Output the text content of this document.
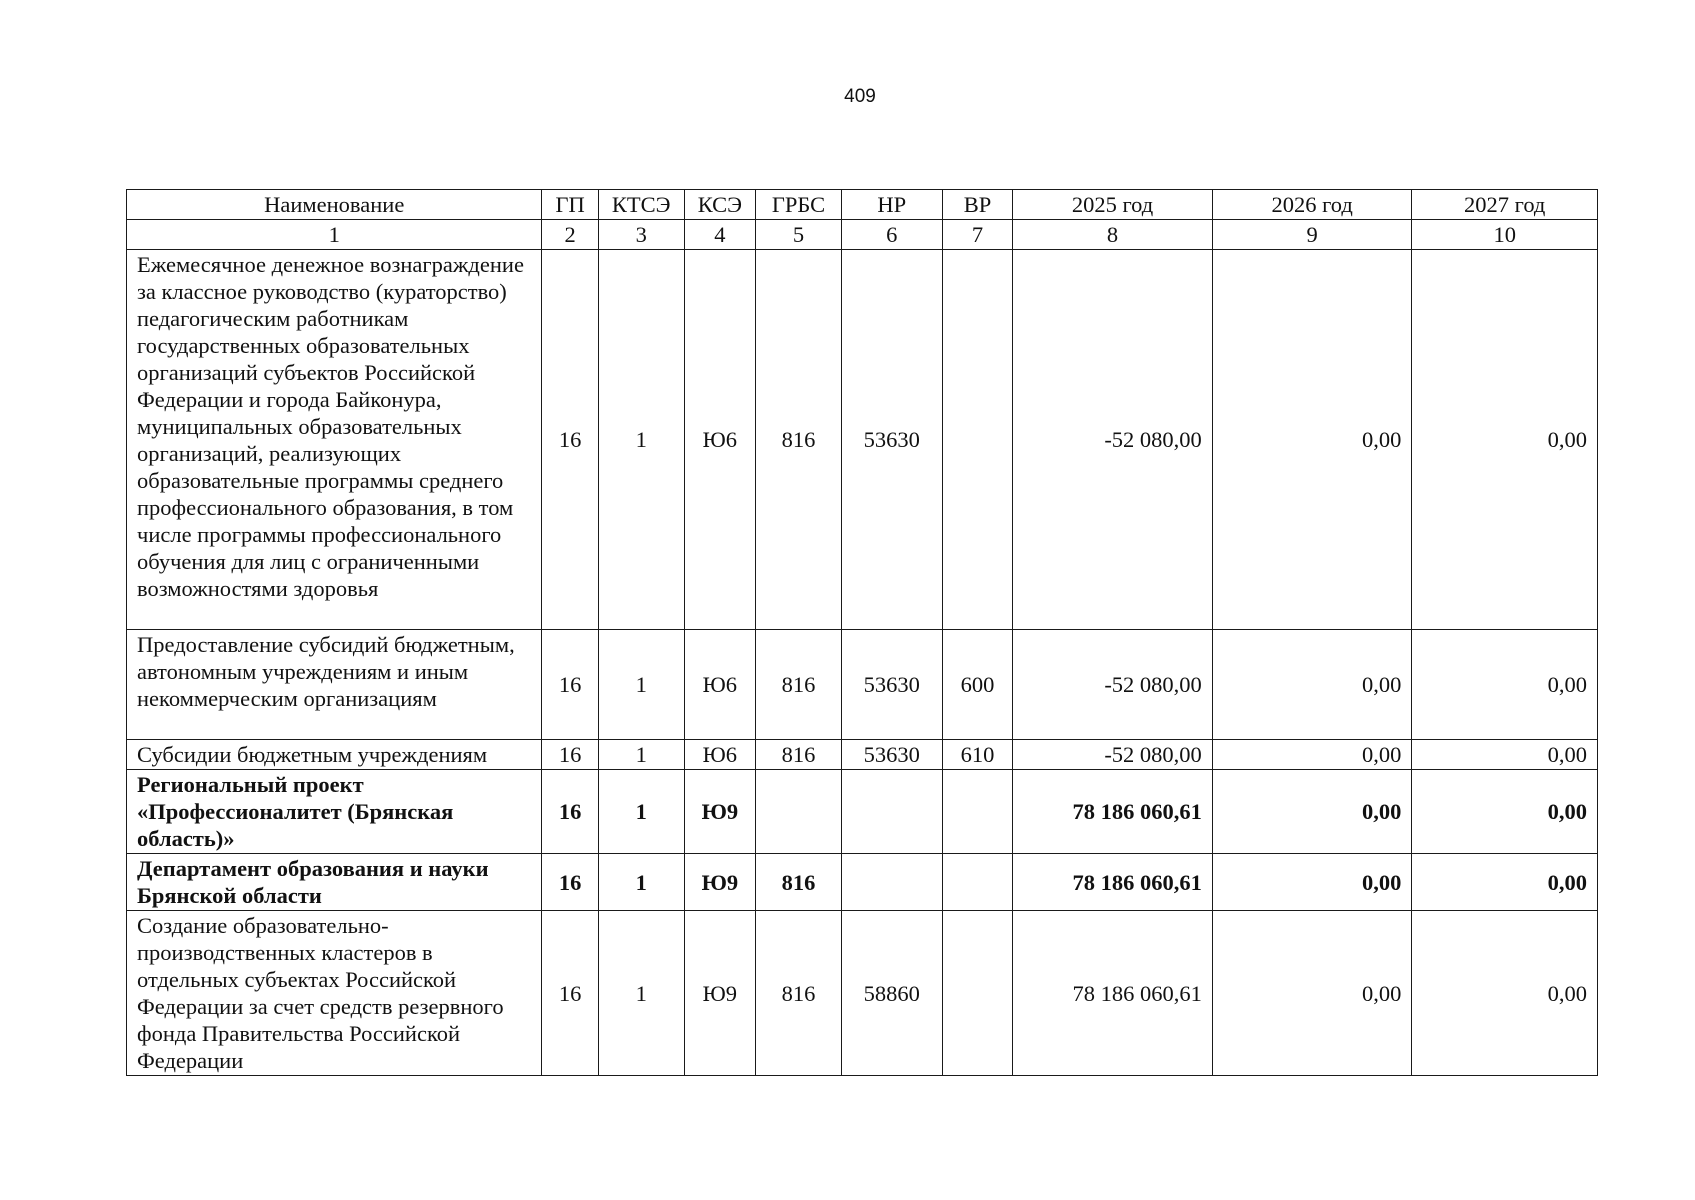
409
Наименование	ГП	КТСЭ	КСЭ	ГРБС	НР	ВР	2025 год	2026 год	2027 год
1	2	3	4	5	6	7	8	9	10
Ежемесячное денежное вознаграждение за классное руководство (кураторство) педагогическим работникам государственных образовательных организаций субъектов Российской Федерации и города Байконура, муниципальных образовательных организаций, реализующих образовательные программы среднего профессионального образования, в том числе программы профессионального обучения для лиц с ограниченными возможностями здоровья	16	1	Ю6	816	53630		-52 080,00	0,00	0,00
Предоставление субсидий бюджетным, автономным учреждениям и иным некоммерческим организациям	16	1	Ю6	816	53630	600	-52 080,00	0,00	0,00
Субсидии бюджетным учреждениям	16	1	Ю6	816	53630	610	-52 080,00	0,00	0,00
Региональный проект «Профессионалитет (Брянская область)»	16	1	Ю9				78 186 060,61	0,00	0,00
Департамент образования и науки Брянской области	16	1	Ю9	816			78 186 060,61	0,00	0,00
Создание образовательно-производственных кластеров в отдельных субъектах Российской Федерации за счет средств резервного фонда Правительства Российской Федерации	16	1	Ю9	816	58860		78 186 060,61	0,00	0,00
